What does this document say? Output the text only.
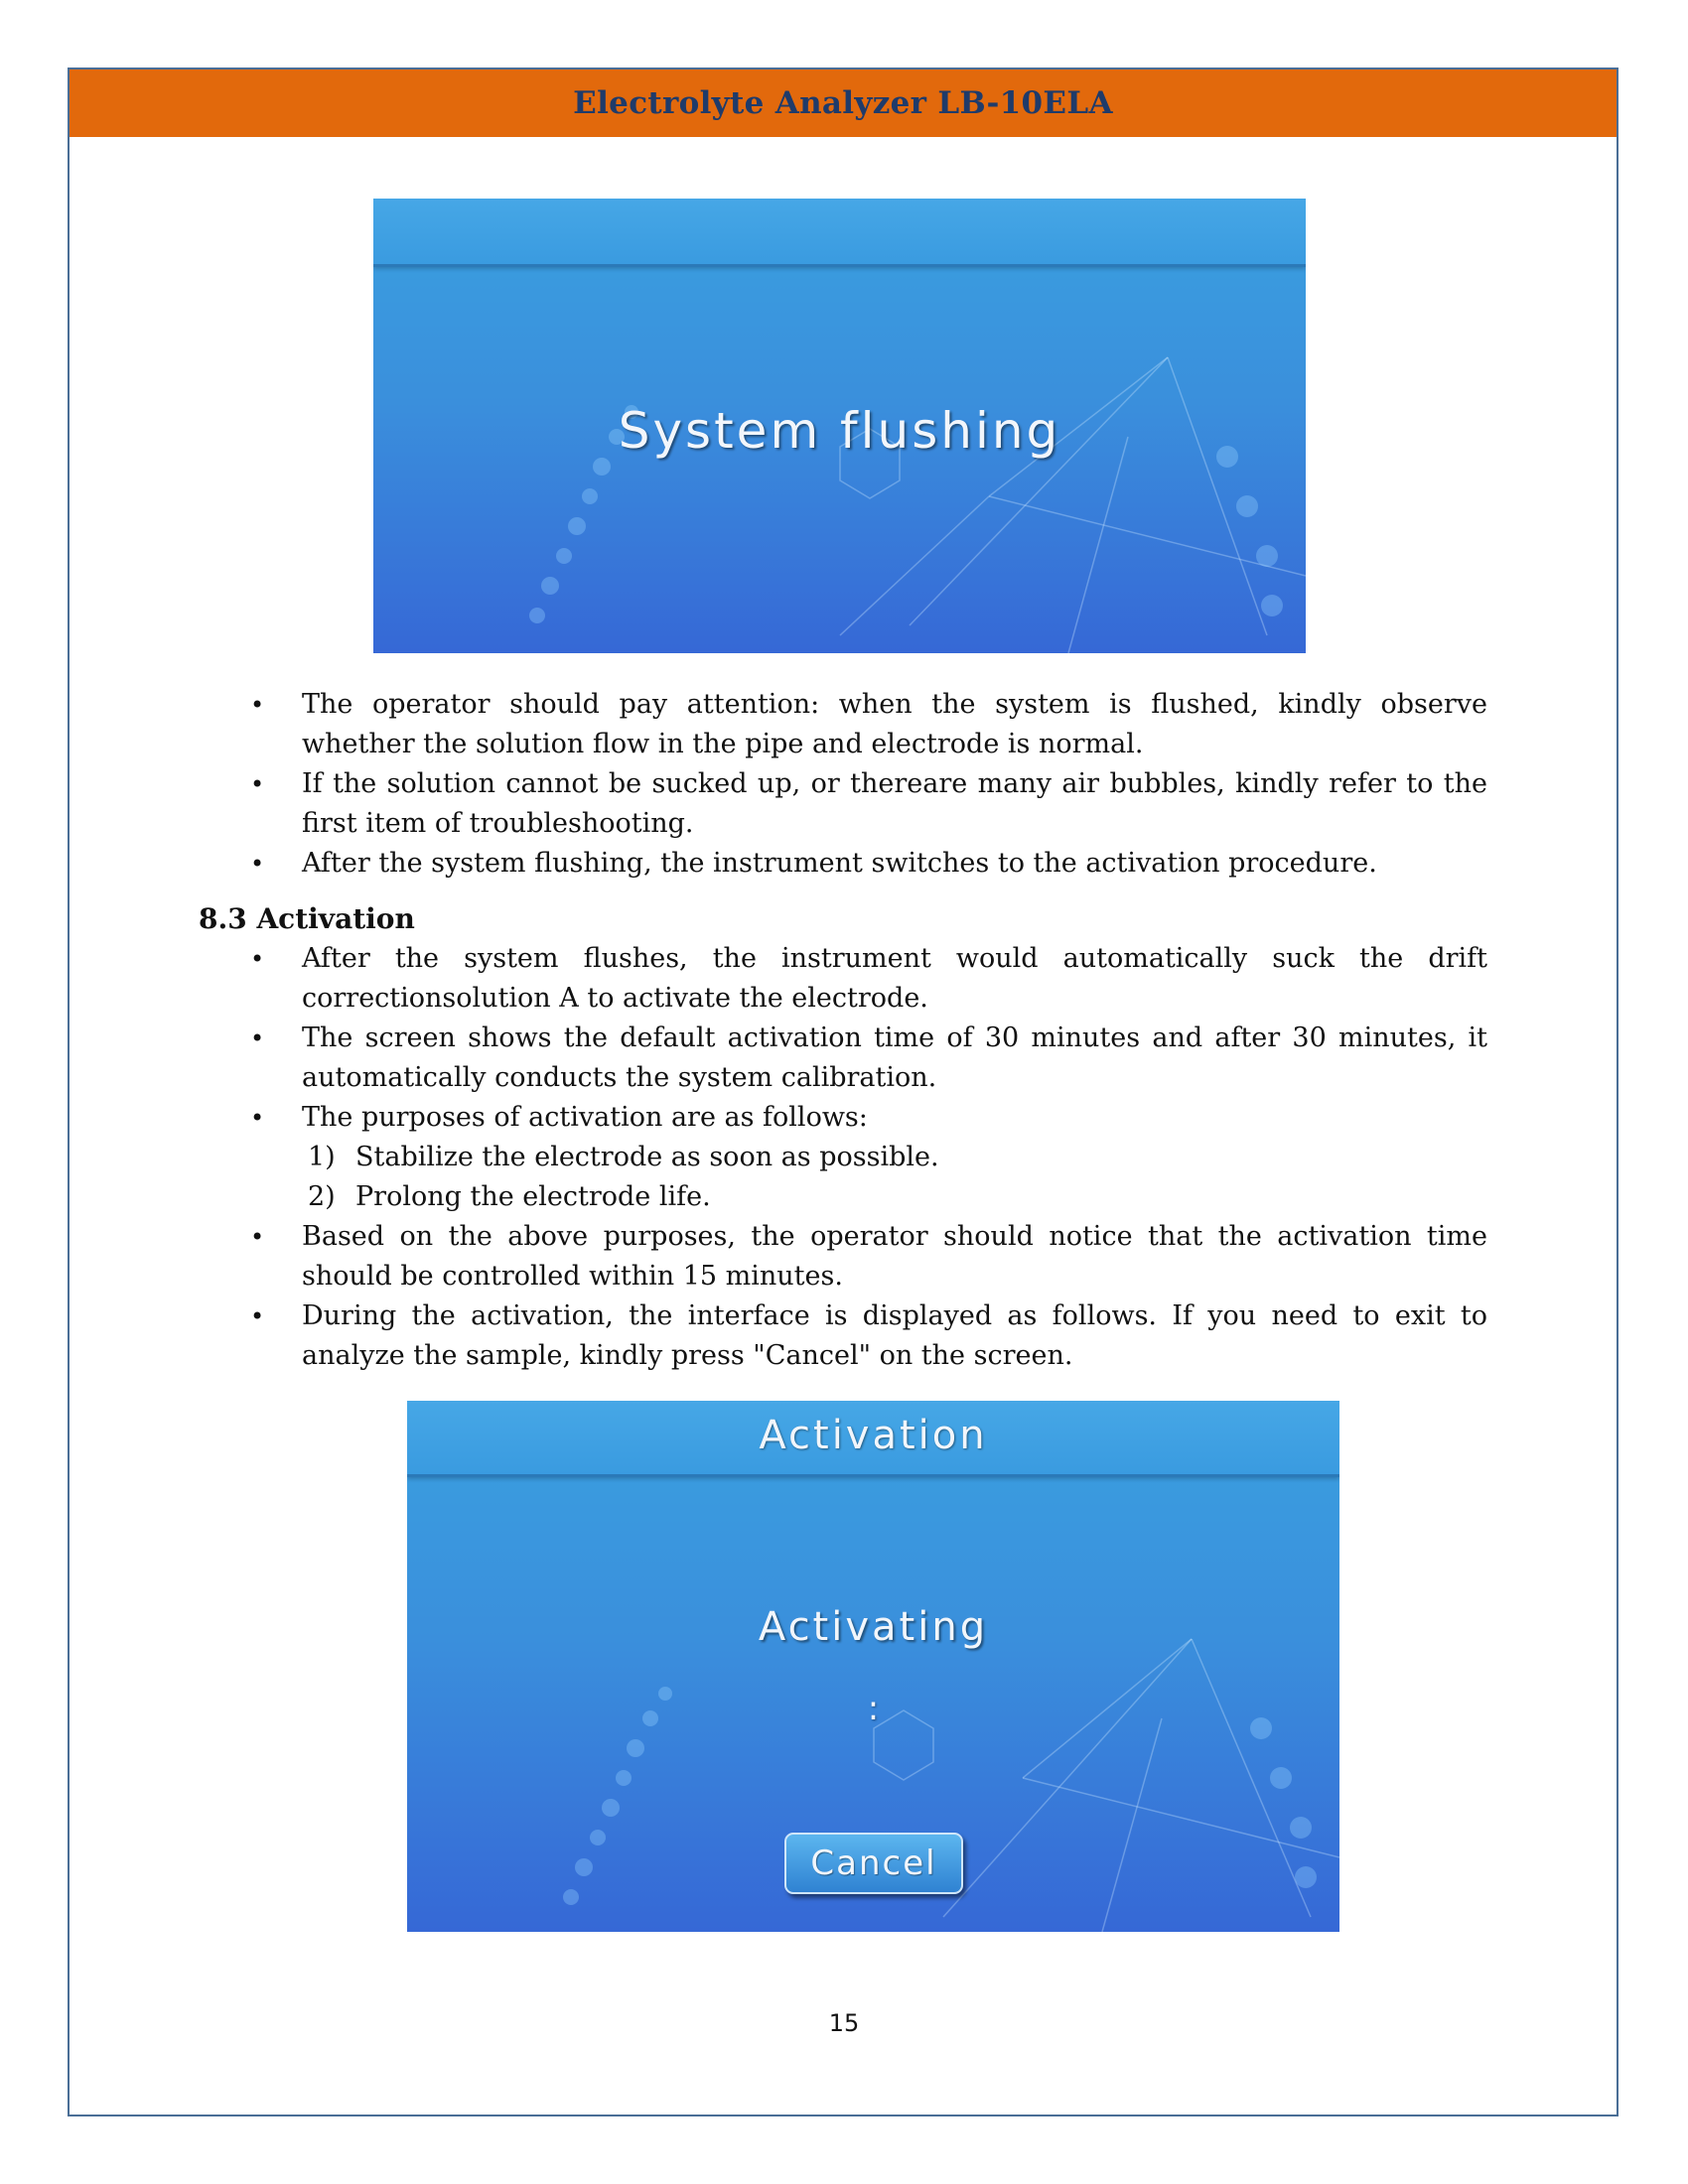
Electrolyte Analyzer LB-10ELA
System flushing
• The operator should pay attention: when the system is flushed, kindly observe whether the solution flow in the pipe and electrode is normal.
• If the solution cannot be sucked up, or thereare many air bubbles, kindly refer to the first item of troubleshooting.
• After the system flushing, the instrument switches to the activation procedure.
8.3 Activation
• After the system flushes, the instrument would automatically suck the drift correctionsolution A to activate the electrode.
• The screen shows the default activation time of 30 minutes and after 30 minutes, it automatically conducts the system calibration.
• The purposes of activation are as follows:
1) Stabilize the electrode as soon as possible.
2) Prolong the electrode life.
• Based on the above purposes, the operator should notice that the activation time should be controlled within 15 minutes.
• During the activation, the interface is displayed as follows. If you need to exit to analyze the sample, kindly press "Cancel" on the screen.
Activation
Activating
:
Cancel
15
